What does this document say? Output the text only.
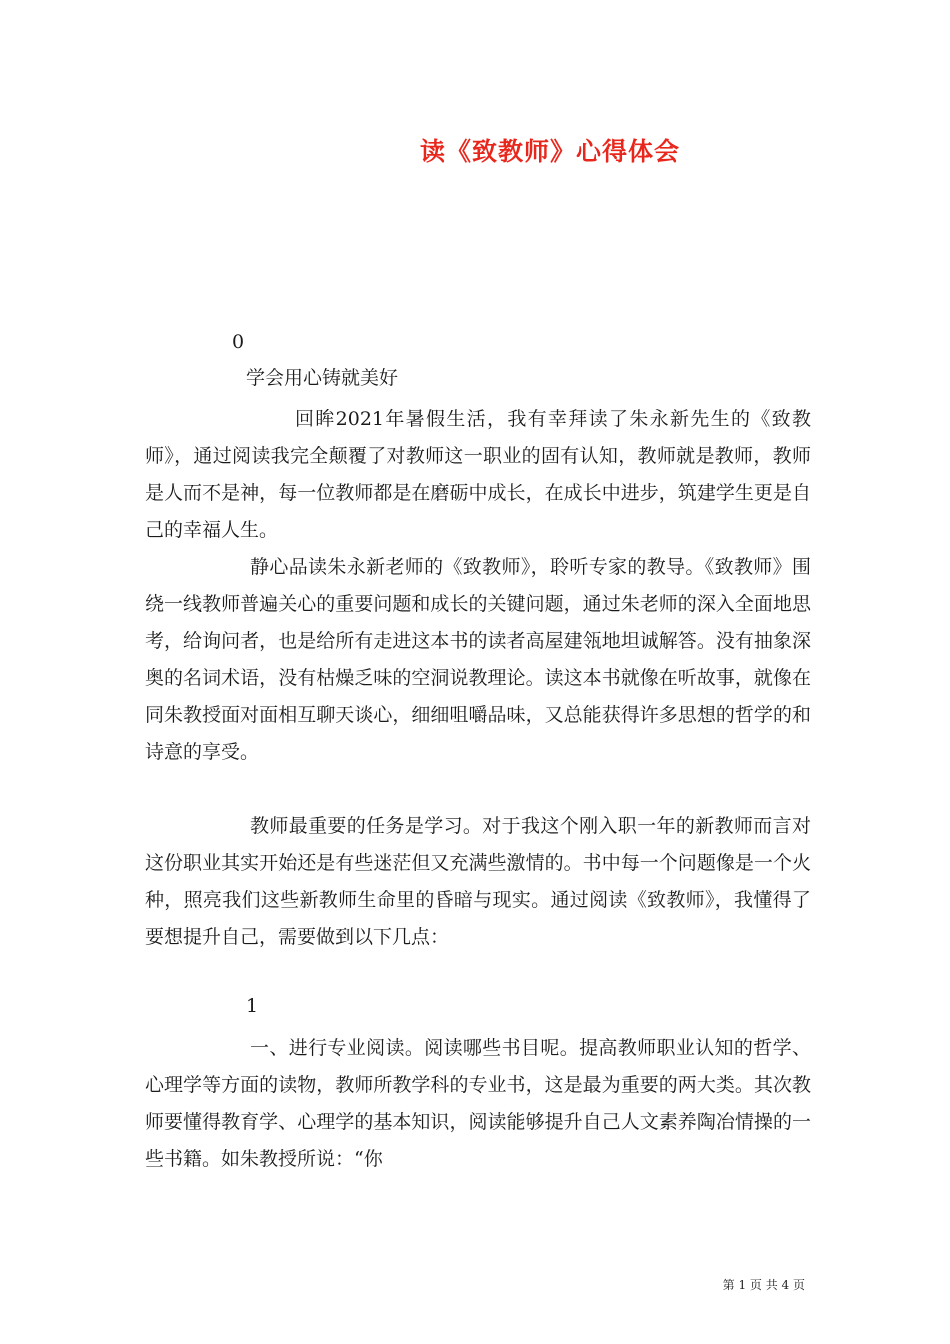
读《致教师》心得体会
0
学会用心铸就美好

回眸2021年暑假生活，我有幸拜读了朱永新先生的《致教师》，通过阅读我完全颠覆了对教师这一职业的固有认知，教师就是教师，教师是人而不是神，每一位教师都是在磨砺中成长，在成长中进步，筑建学生更是自己的幸福人生。

静心品读朱永新老师的《致教师》，聆听专家的教导。《致教师》围绕一线教师普遍关心的重要问题和成长的关键问题，通过朱老师的深入全面地思考，给询问者，也是给所有走进这本书的读者高屋建瓴地坦诚解答。没有抽象深奥的名词术语，没有枯燥乏味的空洞说教理论。读这本书就像在听故事，就像在同朱教授面对面相互聊天谈心，细细咀嚼品味，又总能获得许多思想的哲学的和诗意的享受。

教师最重要的任务是学习。对于我这个刚入职一年的新教师而言对这份职业其实开始还是有些迷茫但又充满些激情的。书中每一个问题像是一个火种，照亮我们这些新教师生命里的昏暗与现实。通过阅读《致教师》，我懂得了要想提升自己，需要做到以下几点：

1

一、进行专业阅读。阅读哪些书目呢。提高教师职业认知的哲学、心理学等方面的读物，教师所教学科的专业书，这是最为重要的两大类。其次教师要懂得教育学、心理学的基本知识，阅读能够提升自己人文素养陶冶情操的一些书籍。如朱教授所说：“你

第 1 页 共 4 页
